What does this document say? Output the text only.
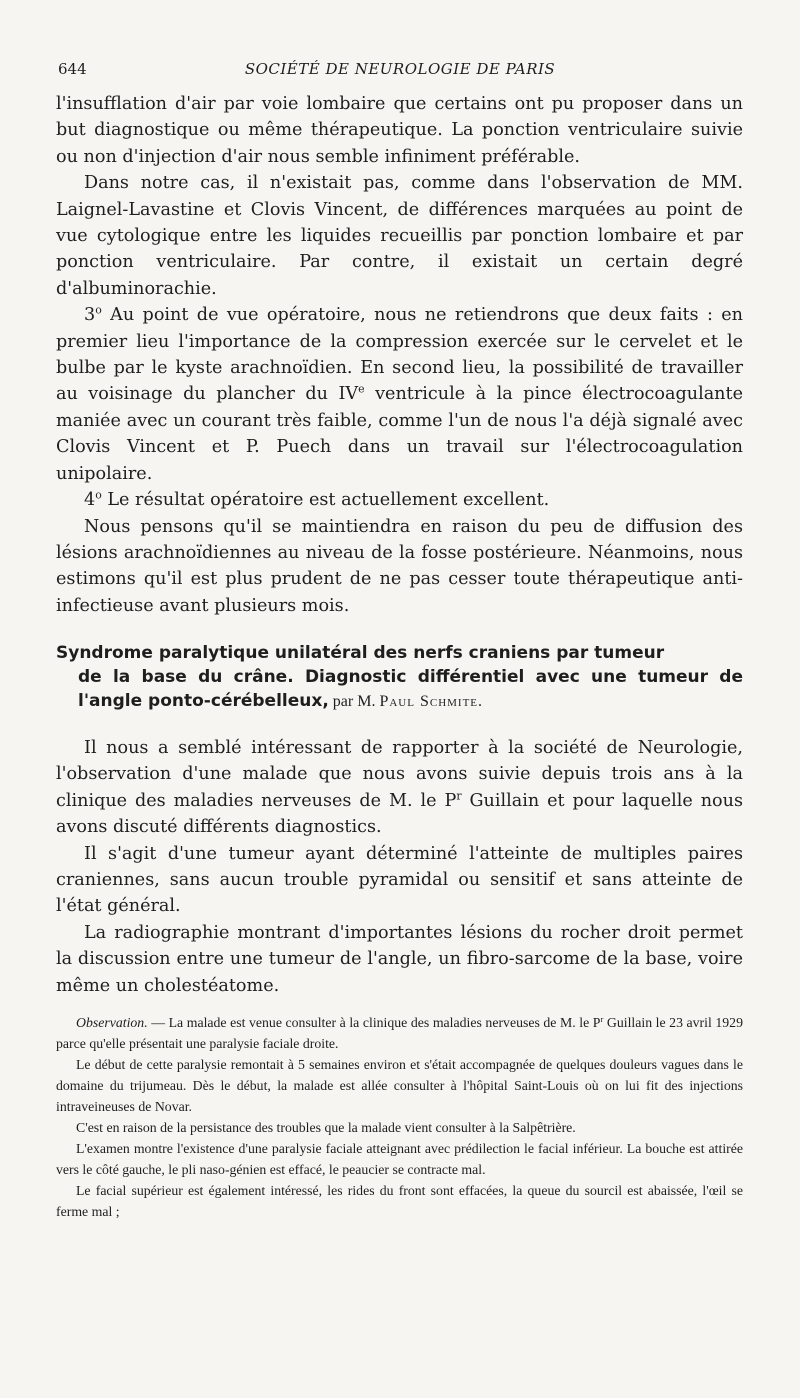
644	SOCIÉTÉ DE NEUROLOGIE DE PARIS

l'insufflation d'air par voie lombaire que certains ont pu proposer dans un but diagnostique ou même thérapeutique. La ponction ventriculaire suivie ou non d'injection d'air nous semble infiniment préférable.

Dans notre cas, il n'existait pas, comme dans l'observation de MM. Laignel-Lavastine et Clovis Vincent, de différences marquées au point de vue cytologique entre les liquides recueillis par ponction lombaire et par ponction ventriculaire. Par contre, il existait un certain degré d'albuminorachie.

3$^o$ Au point de vue opératoire, nous ne retiendrons que deux faits : en premier lieu l'importance de la compression exercée sur le cervelet et le bulbe par le kyste arachnoïdien. En second lieu, la possibilité de travailler au voisinage du plancher du IVe ventricule à la pince électrocoagulante maniée avec un courant très faible, comme l'un de nous l'a déjà signalé avec Clovis Vincent et P. Puech dans un travail sur l'électrocoagulation unipolaire.

4$^o$ Le résultat opératoire est actuellement excellent.

Nous pensons qu'il se maintiendra en raison du peu de diffusion des lésions arachnoïdiennes au niveau de la fosse postérieure. Néanmoins, nous estimons qu'il est plus prudent de ne pas cesser toute thérapeutique anti-infectieuse avant plusieurs mois.

Syndrome paralytique unilatéral des nerfs craniens par tumeur
de la base du crâne. Diagnostic différentiel avec une tumeur de l'angle ponto-cérébelleux, par M. Paul Schmite.

Il nous a semblé intéressant de rapporter à la société de Neurologie, l'observation d'une malade que nous avons suivie depuis trois ans à la clinique des maladies nerveuses de M. le $P^r$ Guillain et pour laquelle nous avons discuté différents diagnostics.

Il s'agit d'une tumeur ayant déterminé l'atteinte de multiples paires craniennes, sans aucun trouble pyramidal ou sensitif et sans atteinte de l'état général.

La radiographie montrant d'importantes lésions du rocher droit permet la discussion entre une tumeur de l'angle, un fibro-sarcome de la base, voire même un cholestéatome.

Observation. — La malade est venue consulter à la clinique des maladies nerveuses de M. le $P^r$ Guillain le 23 avril 1929 parce qu'elle présentait une paralysie faciale droite.

Le début de cette paralysie remontait à 5 semaines environ et s'était accompagnée de quelques douleurs vagues dans le domaine du trijumeau. Dès le début, la malade est allée consulter à l'hôpital Saint-Louis où on lui fit des injections intraveineuses de Novar.

C'est en raison de la persistance des troubles que la malade vient consulter à la Salpêtrière.

L'examen montre l'existence d'une paralysie faciale atteignant avec prédilection le facial inférieur. La bouche est attirée vers le côté gauche, le pli naso-génien est effacé, le peaucier se contracte mal.

Le facial supérieur est également intéressé, les rides du front sont effacées, la queue du sourcil est abaissée, l'œil se ferme mal ;
